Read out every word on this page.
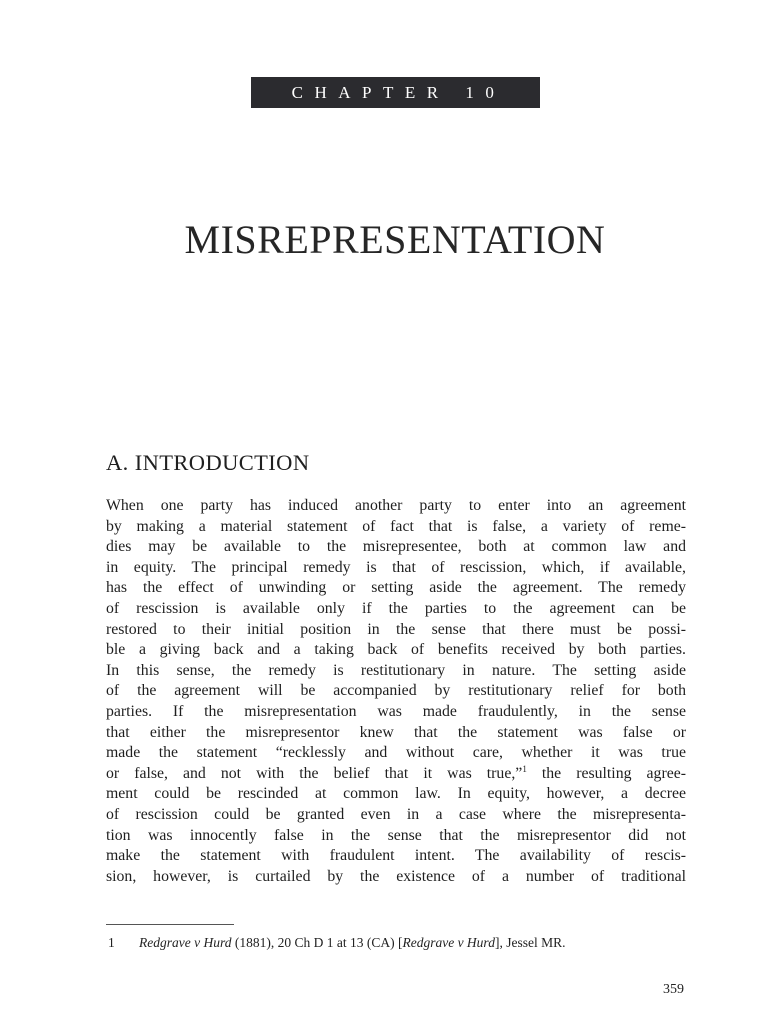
CHAPTER 10
MISREPRESENTATION
A. INTRODUCTION
When one party has induced another party to enter into an agreement
by making a material statement of fact that is false, a variety of reme-
dies may be available to the misrepresentee, both at common law and
in equity. The principal remedy is that of rescission, which, if available,
has the effect of unwinding or setting aside the agreement. The remedy
of rescission is available only if the parties to the agreement can be
restored to their initial position in the sense that there must be possi-
ble a giving back and a taking back of benefits received by both parties.
In this sense, the remedy is restitutionary in nature. The setting aside
of the agreement will be accompanied by restitutionary relief for both
parties. If the misrepresentation was made fraudulently, in the sense
that either the misrepresentor knew that the statement was false or
made the statement “recklessly and without care, whether it was true
or false, and not with the belief that it was true,”$^1$ the resulting agree-
ment could be rescinded at common law. In equity, however, a decree
of rescission could be granted even in a case where the misrepresenta-
tion was innocently false in the sense that the misrepresentor did not
make the statement with fraudulent intent. The availability of rescis-
sion, however, is curtailed by the existence of a number of traditional
1 Redgrave v Hurd (1881), 20 Ch D 1 at 13 (CA) [Redgrave v Hurd], Jessel MR.
359
